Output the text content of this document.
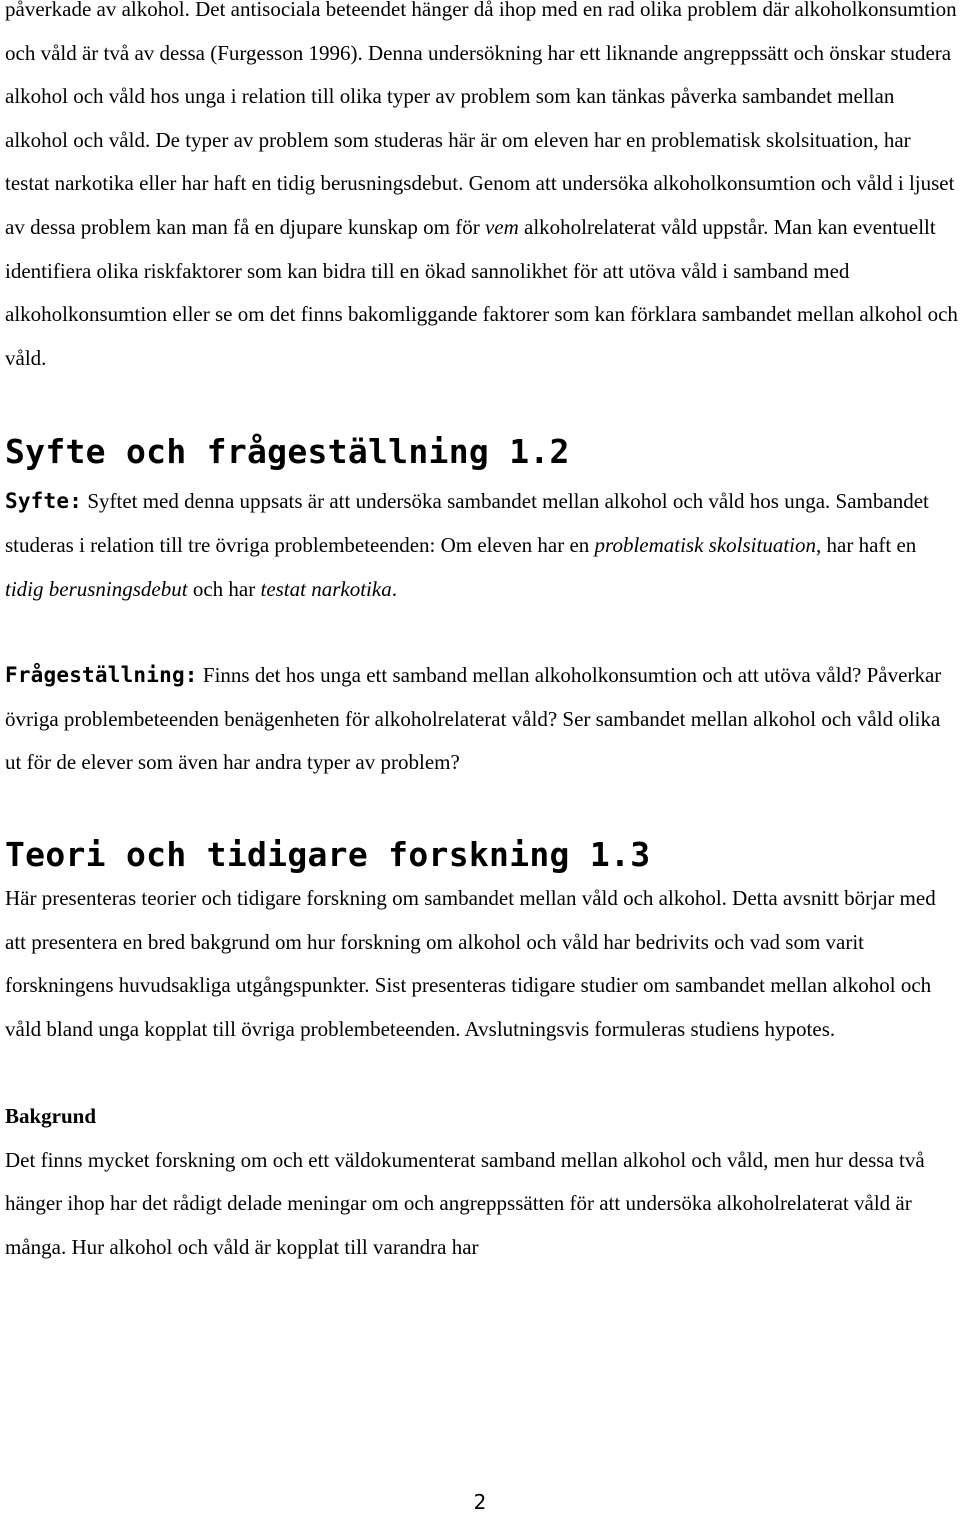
påverkade av alkohol. Det antisociala beteendet hänger då ihop med en rad olika problem där alkoholkonsumtion och våld är två av dessa (Furgesson 1996). Denna undersökning har ett liknande angreppssätt och önskar studera alkohol och våld hos unga i relation till olika typer av problem som kan tänkas påverka sambandet mellan alkohol och våld. De typer av problem som studeras här är om eleven har en problematisk skolsituation, har testat narkotika eller har haft en tidig berusningsdebut. Genom att undersöka alkoholkonsumtion och våld i ljuset av dessa problem kan man få en djupare kunskap om för vem alkoholrelaterat våld uppstår. Man kan eventuellt identifiera olika riskfaktorer som kan bidra till en ökad sannolikhet för att utöva våld i samband med alkoholkonsumtion eller se om det finns bakomliggande faktorer som kan förklara sambandet mellan alkohol och våld.

Syfte och frågeställning 1.2

Syfte: Syftet med denna uppsats är att undersöka sambandet mellan alkohol och våld hos unga. Sambandet studeras i relation till tre övriga problembeteenden: Om eleven har en problematisk skolsituation, har haft en tidig berusningsdebut och har testat narkotika.

Frågeställning: Finns det hos unga ett samband mellan alkoholkonsumtion och att utöva våld? Påverkar övriga problembeteenden benägenheten för alkoholrelaterat våld? Ser sambandet mellan alkohol och våld olika ut för de elever som även har andra typer av problem?

Teori och tidigare forskning 1.3

Här presenteras teorier och tidigare forskning om sambandet mellan våld och alkohol. Detta avsnitt börjar med att presentera en bred bakgrund om hur forskning om alkohol och våld har bedrivits och vad som varit forskningens huvudsakliga utgångspunkter. Sist presenteras tidigare studier om sambandet mellan alkohol och våld bland unga kopplat till övriga problembeteenden. Avslutningsvis formuleras studiens hypotes.

Bakgrund

Det finns mycket forskning om och ett väldokumenterat samband mellan alkohol och våld, men hur dessa två hänger ihop har det rådigt delade meningar om och angreppssätten för att undersöka alkoholrelaterat våld är många. Hur alkohol och våld är kopplat till varandra har

2
